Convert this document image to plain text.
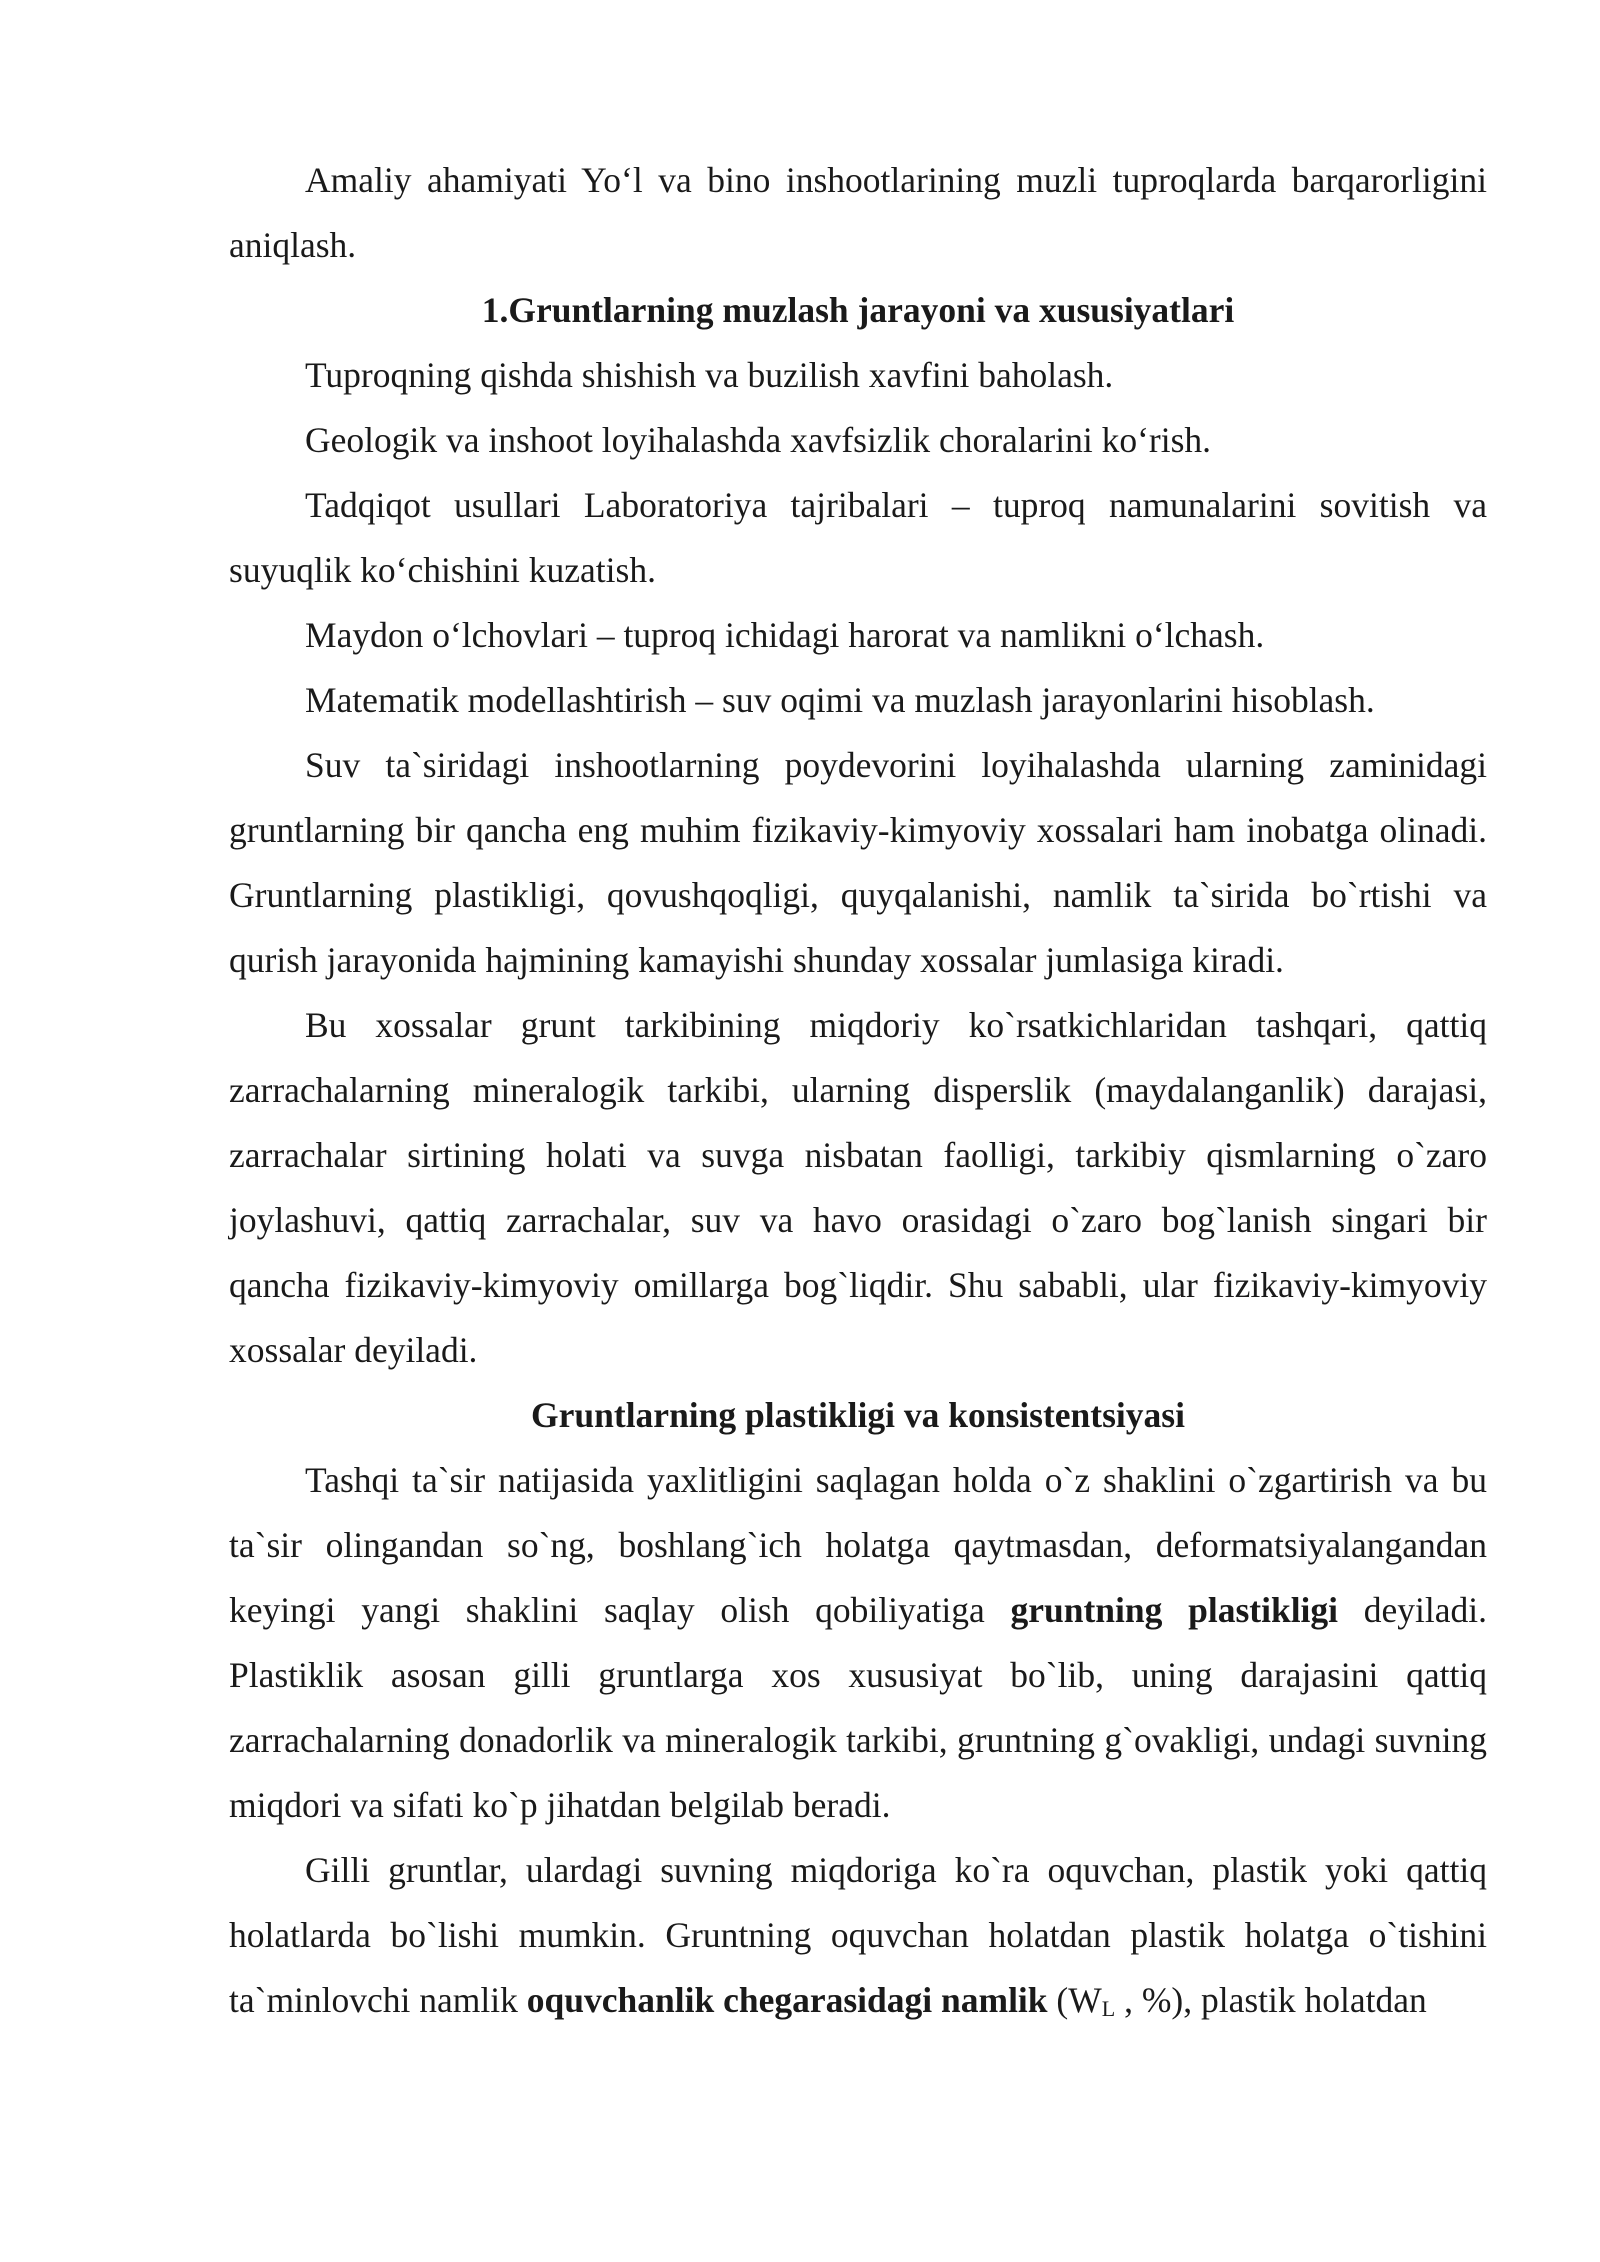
Amaliy ahamiyati Yo‘l va bino inshootlarining muzli tuproqlarda barqarorligini aniqlash.

1.Gruntlarning muzlash jarayoni va xususiyatlari

Tuproqning qishda shishish va buzilish xavfini baholash.

Geologik va inshoot loyihalashda xavfsizlik choralarini ko‘rish.

Tadqiqot usullari Laboratoriya tajribalari – tuproq namunalarini sovitish va suyuqlik ko‘chishini kuzatish.

Maydon o‘lchovlari – tuproq ichidagi harorat va namlikni o‘lchash.

Matematik modellashtirish – suv oqimi va muzlash jarayonlarini hisoblash.

Suv ta`siridagi inshootlarning poydevorini loyihalashda ularning zaminidagi gruntlarning bir qancha eng muhim fizikaviy-kimyoviy xossalari ham inobatga olinadi. Gruntlarning plastikligi, qovushqoqligi, quyqalanishi, namlik ta`sirida bo`rtishi va qurish jarayonida hajmining kamayishi shunday xossalar jumlasiga kiradi.

Bu xossalar grunt tarkibining miqdoriy ko`rsatkichlaridan tashqari, qattiq zarrachalarning mineralogik tarkibi, ularning disperslik (maydalanganlik) darajasi, zarrachalar sirtining holati va suvga nisbatan faolligi, tarkibiy qismlarning o`zaro joylashuvi, qattiq zarrachalar, suv va havo orasidagi o`zaro bog`lanish singari bir qancha fizikaviy-kimyoviy omillarga bog`liqdir. Shu sababli, ular fizikaviy-kimyoviy xossalar deyiladi.

Gruntlarning plastikligi va konsistentsiyasi

Tashqi ta`sir natijasida yaxlitligini saqlagan holda o`z shaklini o`zgartirish va bu ta`sir olingandan so`ng, boshlang`ich holatga qaytmasdan, deformatsiyalangandan keyingi yangi shaklini saqlay olish qobiliyatiga gruntning plastikligi deyiladi. Plastiklik asosan gilli gruntlarga xos xususiyat bo`lib, uning darajasini qattiq zarrachalarning donadorlik va mineralogik tarkibi, gruntning g`ovakligi, undagi suvning miqdori va sifati ko`p jihatdan belgilab beradi.

Gilli gruntlar, ulardagi suvning miqdoriga ko`ra oquvchan, plastik yoki qattiq holatlarda bo`lishi mumkin. Gruntning oquvchan holatdan plastik holatga o`tishini ta`minlovchi namlik oquvchanlik chegarasidagi namlik ($W_L$ , %), plastik holatdan
